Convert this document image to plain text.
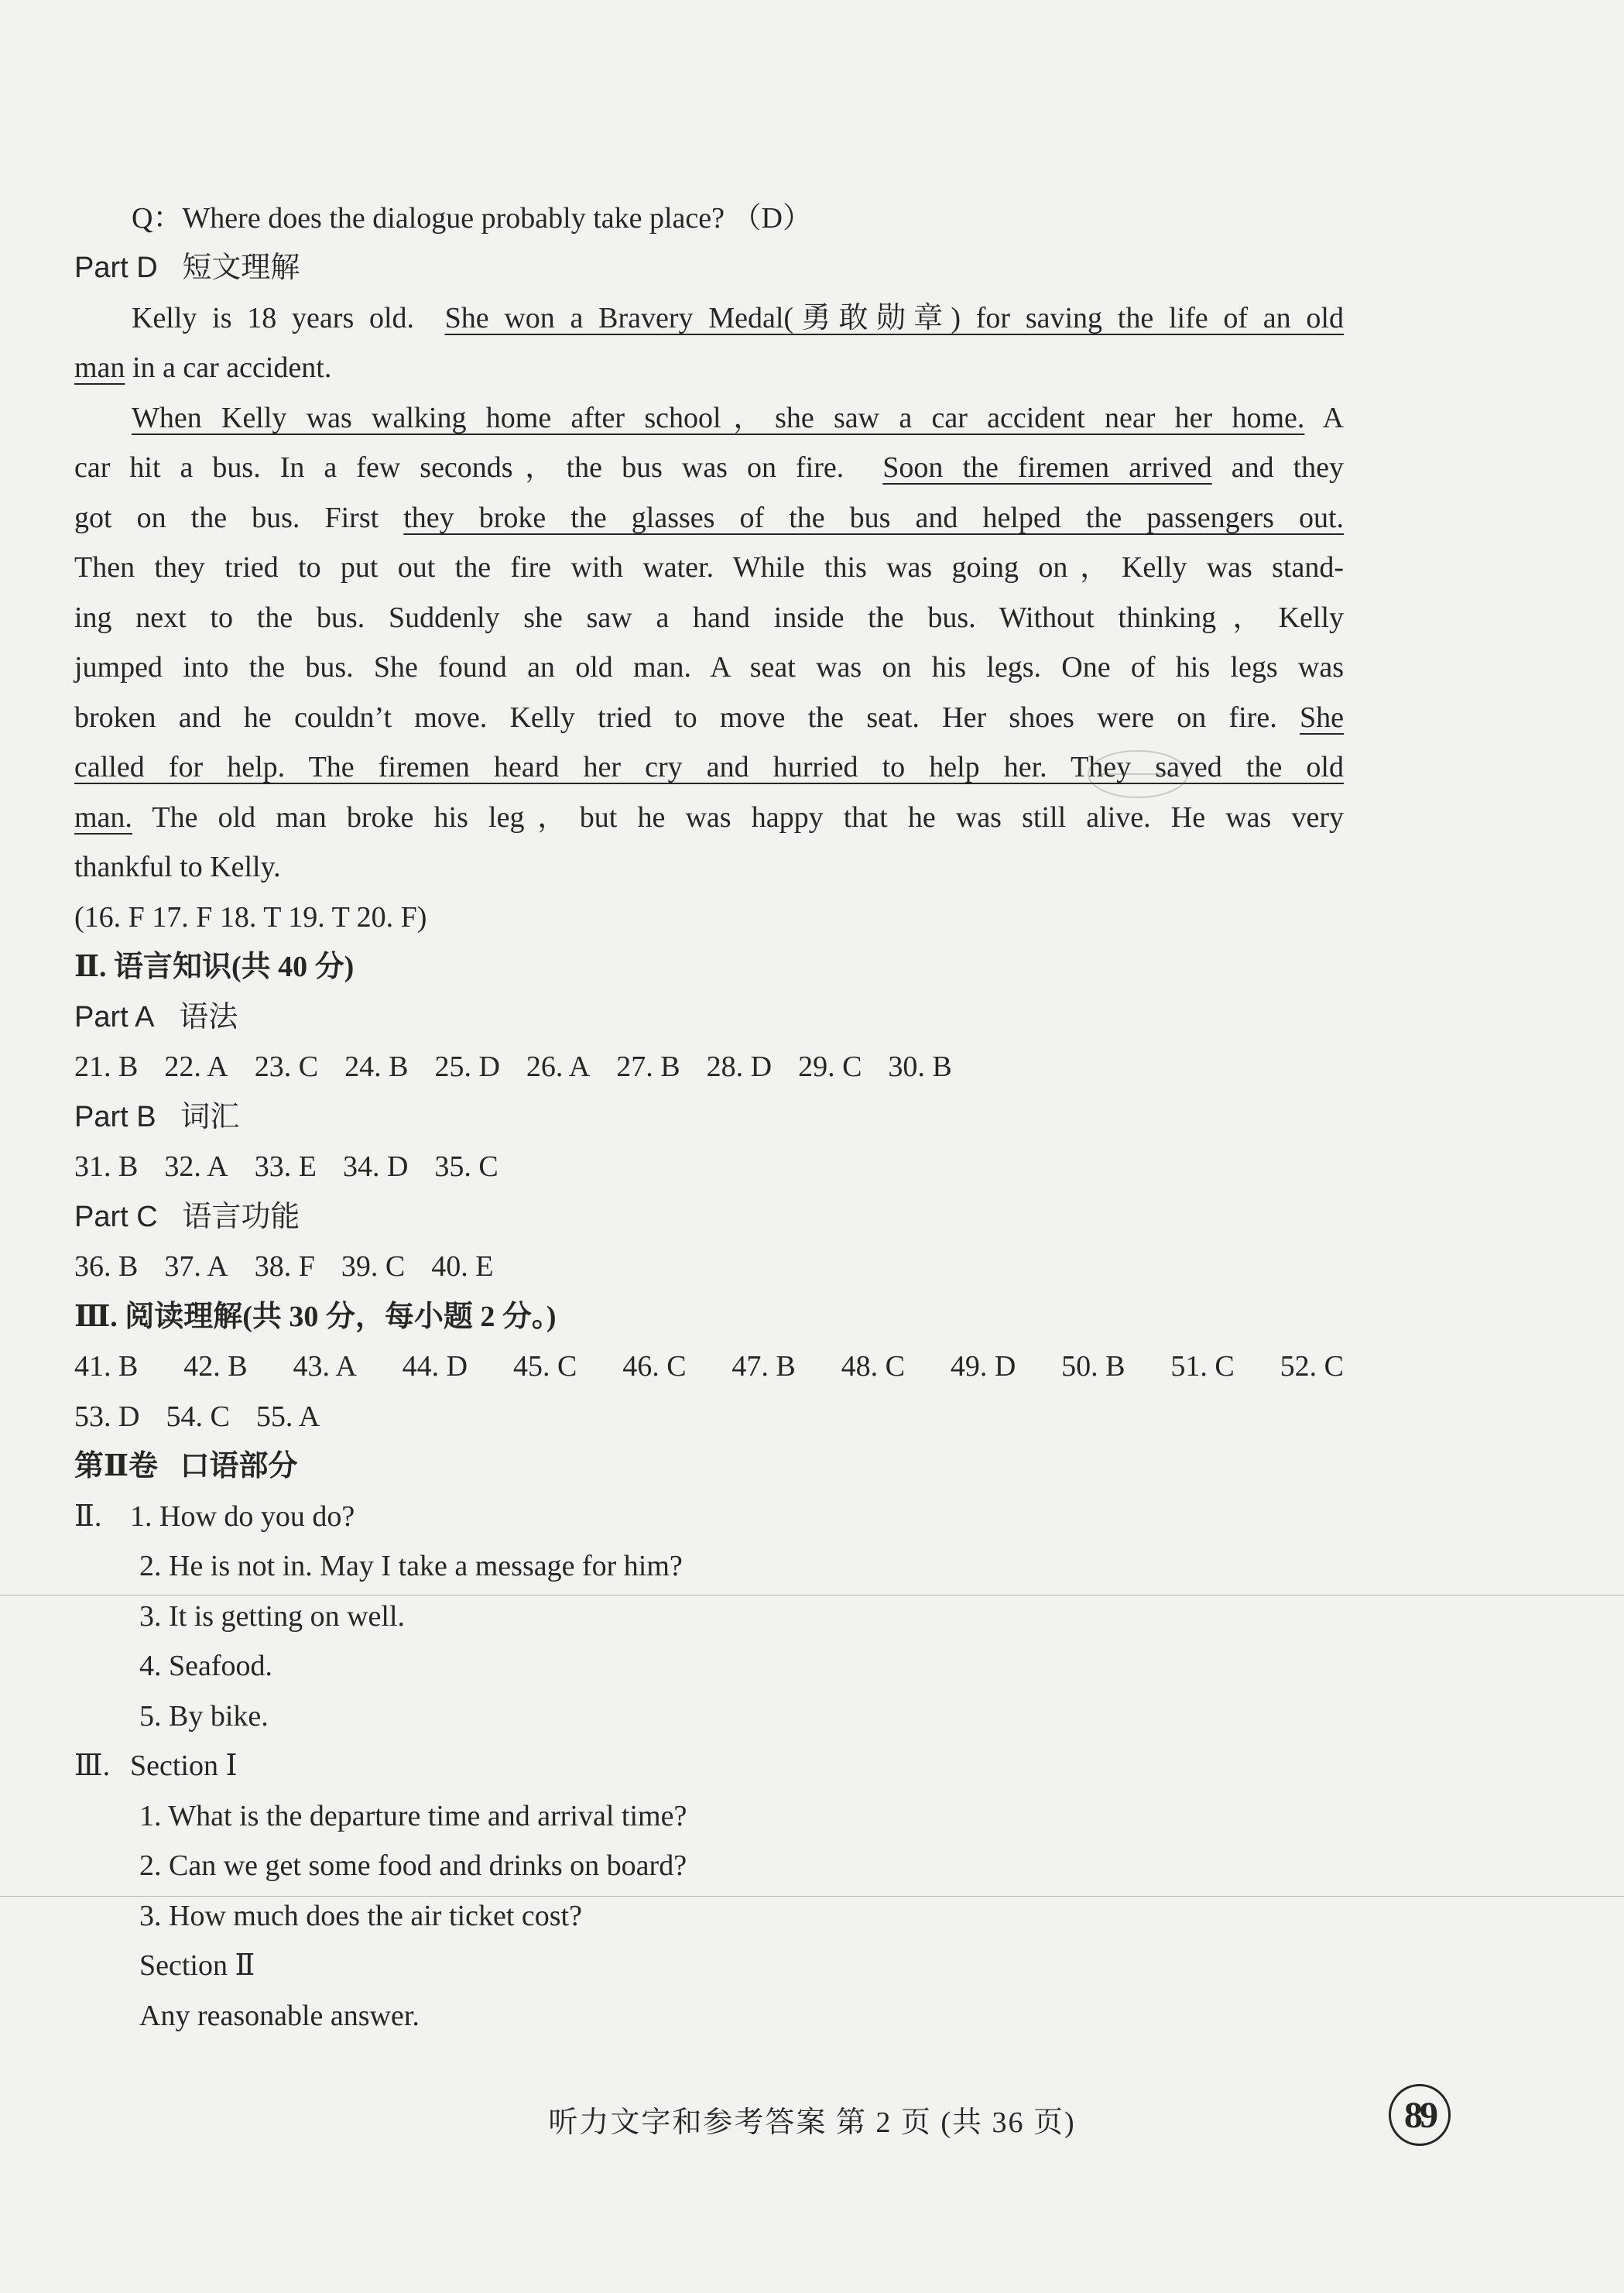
Q：Where does the dialogue probably take place? （D）
Part D 短文理解
Kelly is 18 years old. She won a Bravery Medal(勇敢勋章) for saving the life of an old
man in a car accident.
When Kelly was walking home after school，she saw a car accident near her home. A
car hit a bus. In a few seconds，the bus was on fire. Soon the firemen arrived and they
got on the bus. First they broke the glasses of the bus and helped the passengers out.
Then they tried to put out the fire with water. While this was going on，Kelly was stand-
ing next to the bus. Suddenly she saw a hand inside the bus. Without thinking，Kelly
jumped into the bus. She found an old man. A seat was on his legs. One of his legs was
broken and he couldn’t move. Kelly tried to move the seat. Her shoes were on fire. She
called for help. The firemen heard her cry and hurried to help her. They saved the old
man. The old man broke his leg，but he was happy that he was still alive. He was very
thankful to Kelly.
(16. F 17. F 18. T 19. T 20. F)
Ⅱ. 语言知识(共 40 分)
Part A 语法
21. B 22. A 23. C 24. B 25. D 26. A 27. B 28. D 29. C 30. B
Part B 词汇
31. B 32. A 33. E 34. D 35. C
Part C 语言功能
36. B 37. A 38. F 39. C 40. E
Ⅲ. 阅读理解(共 30 分，每小题 2 分。)
41. B 42. B 43. A 44. D 45. C 46. C 47. B 48. C 49. D 50. B 51. C 52. C
53. D 54. C 55. A
第Ⅱ卷 口语部分
Ⅱ. 1. How do you do?
2. He is not in. May I take a message for him?
3. It is getting on well.
4. Seafood.
5. By bike.
Ⅲ. Section Ⅰ
1. What is the departure time and arrival time?
2. Can we get some food and drinks on board?
3. How much does the air ticket cost?
Section Ⅱ
Any reasonable answer.
听力文字和参考答案 第 2 页 (共 36 页)	89
